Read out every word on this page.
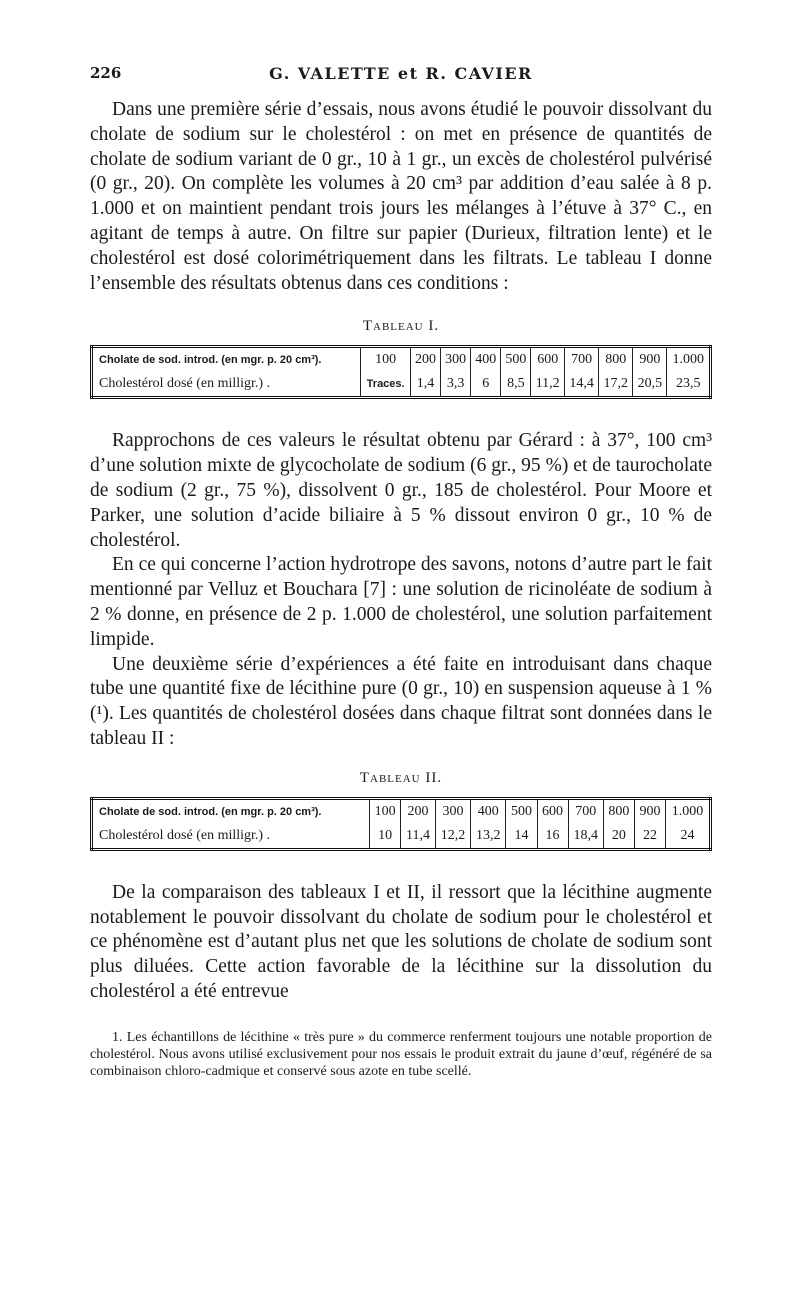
226	G. VALETTE et R. CAVIER

Dans une première série d’essais, nous avons étudié le pouvoir dissolvant du cholate de sodium sur le cholestérol : on met en présence de quantités de cholate de sodium variant de 0 gr., 10 à 1 gr., un excès de cholestérol pulvérisé (0 gr., 20). On complète les volumes à 20 cm³ par addition d’eau salée à 8 p. 1.000 et on maintient pendant trois jours les mélanges à l’étuve à 37° C., en agitant de temps à autre. On filtre sur papier (Durieux, filtration lente) et le cholestérol est dosé colorimétriquement dans les filtrats. Le tableau I donne l’ensemble des résultats obtenus dans ces conditions :

Tableau I.
Cholate de sod. introd. (en mgr. p. 20 cm³).	100	200	300	400	500	600	700	800	900	1.000
Cholestérol dosé (en milligr.) .	Traces.	1,4	3,3	6	8,5	11,2	14,4	17,2	20,5	23,5

Rapprochons de ces valeurs le résultat obtenu par Gérard : à 37°, 100 cm³ d’une solution mixte de glycocholate de sodium (6 gr., 95 %) et de taurocholate de sodium (2 gr., 75 %), dissolvent 0 gr., 185 de cholestérol. Pour Moore et Parker, une solution d’acide biliaire à 5 % dissout environ 0 gr., 10 % de cholestérol.

En ce qui concerne l’action hydrotrope des savons, notons d’autre part le fait mentionné par Velluz et Bouchara [7] : une solution de ricinoléate de sodium à 2 % donne, en présence de 2 p. 1.000 de cholestérol, une solution parfaitement limpide.

Une deuxième série d’expériences a été faite en introduisant dans chaque tube une quantité fixe de lécithine pure (0 gr., 10) en suspension aqueuse à 1 % (¹). Les quantités de cholestérol dosées dans chaque filtrat sont données dans le tableau II :

Tableau II.
Cholate de sod. introd. (en mgr. p. 20 cm³).	100	200	300	400	500	600	700	800	900	1.000
Cholestérol dosé (en milligr.) .	10	11,4	12,2	13,2	14	16	18,4	20	22	24

De la comparaison des tableaux I et II, il ressort que la lécithine augmente notablement le pouvoir dissolvant du cholate de sodium pour le cholestérol et ce phénomène est d’autant plus net que les solutions de cholate de sodium sont plus diluées. Cette action favorable de la lécithine sur la dissolution du cholestérol a été entrevue

1. Les échantillons de lécithine « très pure » du commerce renferment toujours une notable proportion de cholestérol. Nous avons utilisé exclusivement pour nos essais le produit extrait du jaune d’œuf, régénéré de sa combinaison chloro-cadmique et conservé sous azote en tube scellé.
